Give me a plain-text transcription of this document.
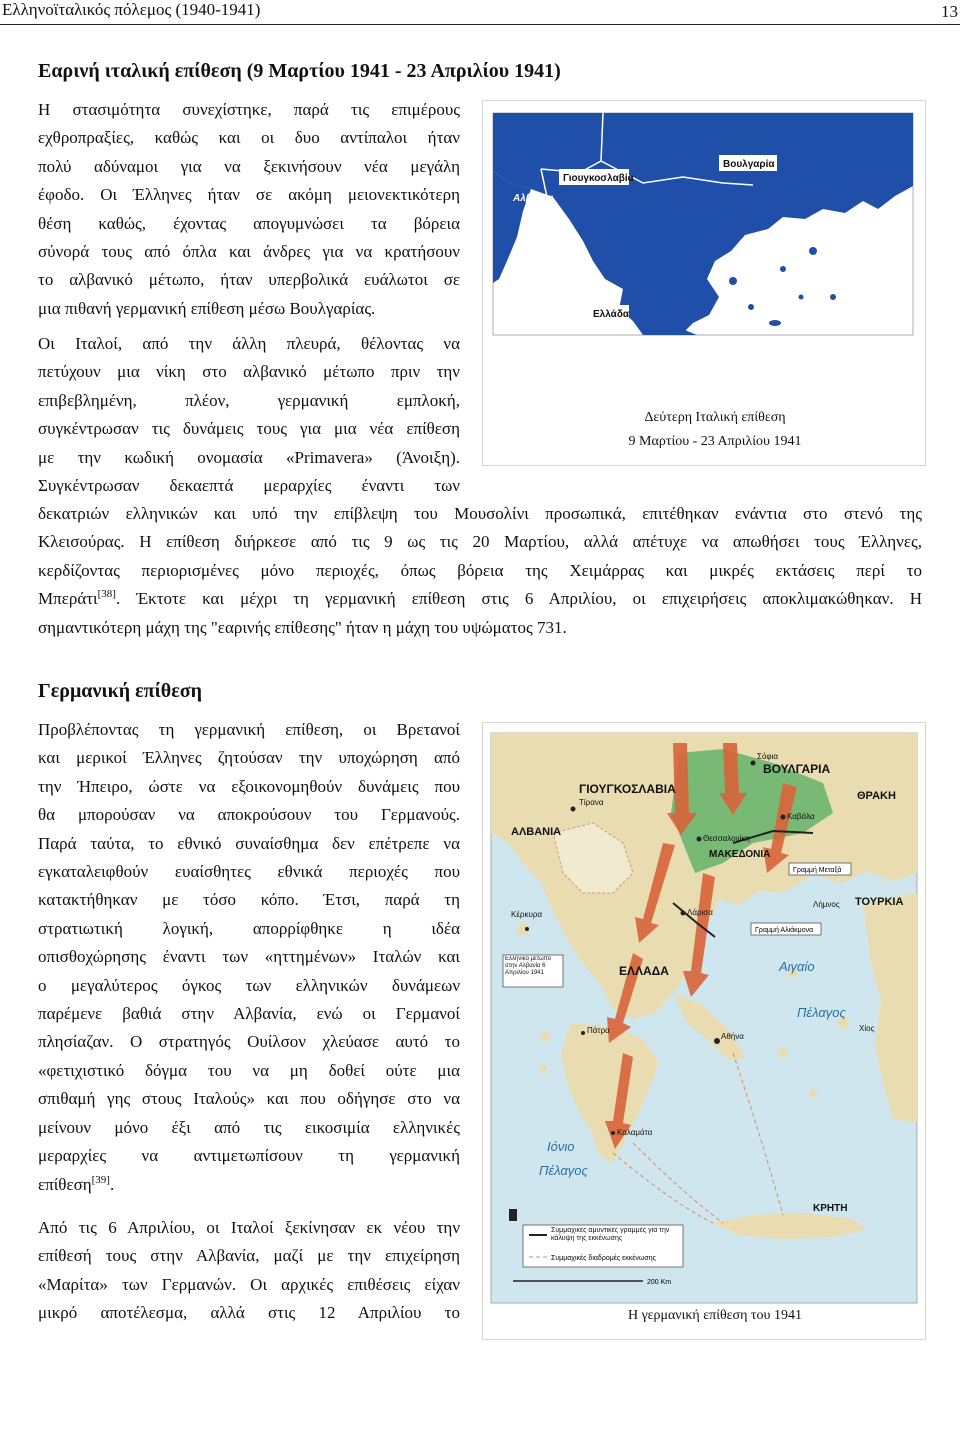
Ελληνοϊταλικός πόλεμος (1940-1941)	13
Εαρινή ιταλική επίθεση (9 Μαρτίου 1941 - 23 Απριλίου 1941)
Η στασιμότητα συνεχίστηκε, παρά τις επιμέρους
εχθροπραξίες, καθώς και οι δυο αντίπαλοι ήταν
πολύ αδύναμοι για να ξεκινήσουν νέα μεγάλη
έφοδο. Οι Έλληνες ήταν σε ακόμη μειονεκτικότερη
θέση καθώς, έχοντας απογυμνώσει τα βόρεια
σύνορά τους από όπλα και άνδρες για να κρατήσουν
το αλβανικό μέτωπο, ήταν υπερβολικά ευάλωτοι σε
μια πιθανή γερμανική επίθεση μέσω Βουλγαρίας.
Οι Ιταλοί, από την άλλη πλευρά, θέλοντας να
πετύχουν μια νίκη στο αλβανικό μέτωπο πριν την
επιβεβλημένη, πλέον, γερμανική εμπλοκή,
συγκέντρωσαν τις δυνάμεις τους για μια νέα επίθεση
με την κωδική ονομασία «Primavera» (Άνοιξη).
Συγκέντρωσαν δεκαεπτά μεραρχίες έναντι των
δεκατριών ελληνικών και υπό την επίβλεψη του Μουσολίνι προσωπικά, επιτέθηκαν ενάντια στο στενό της
Κλεισούρας. Η επίθεση διήρκεσε από τις 9 ως τις 20 Μαρτίου, αλλά απέτυχε να απωθήσει τους Έλληνες,
κερδίζοντας περιορισμένες μόνο περιοχές, όπως βόρεια της Χειμάρρας και μικρές εκτάσεις περί το
Μπεράτι[38]. Έκτοτε και μέχρι τη γερμανική επίθεση στις 6 Απριλίου, οι επιχειρήσεις αποκλιμακώθηκαν. Η
σημαντικότερη μάχη της "εαρινής επίθεσης" ήταν η μάχη του υψώματος 731.
Γιουγκοσλαβία
Βουλγαρία
Αλβανία
Ελλάδα
Δεύτερη Ιταλική επίθεση
9 Μαρτίου - 23 Απριλίου 1941
Γερμανική επίθεση
Προβλέποντας τη γερμανική επίθεση, οι Βρετανοί
και μερικοί Έλληνες ζητούσαν την υποχώρηση από
την Ήπειρο, ώστε να εξοικονομηθούν δυνάμεις που
θα μπορούσαν να αποκρούσουν του Γερμανούς.
Παρά ταύτα, το εθνικό συναίσθημα δεν επέτρεπε να
εγκαταλειφθούν ευαίσθητες εθνικά περιοχές που
κατακτήθηκαν με τόσο κόπο. Έτσι, παρά τη
στρατιωτική λογική, απορρίφθηκε η ιδέα
οπισθοχώρησης έναντι των «ηττημένων» Ιταλών και
ο μεγαλύτερος όγκος των ελληνικών δυνάμεων
παρέμενε βαθιά στην Αλβανία, ενώ οι Γερμανοί
πλησίαζαν. Ο στρατηγός Ουίλσον χλεύασε αυτό το
«φετιχιστικό δόγμα του να μη δοθεί ούτε μια
σπιθαμή γης στους Ιταλούς» και που οδήγησε στο να
μείνουν μόνο έξι από τις εικοσιμία ελληνικές
μεραρχίες να αντιμετωπίσουν τη γερμανική
επίθεση[39].
Από τις 6 Απριλίου, οι Ιταλοί ξεκίνησαν εκ νέου την
επίθεσή τους στην Αλβανία, μαζί με την επιχείρηση
«Μαρίτα» των Γερμανών. Οι αρχικές επιθέσεις είχαν
μικρό αποτέλεσμα, αλλά στις 12 Απριλίου το
ΓΙΟΥΓΚΟΣΛΑΒΙΑ
ΒΟΥΛΓΑΡΙΑ
ΑΛΒΑΝΙΑ
ΕΛΛΑΔΑ
ΘΡΑΚΗ
ΜΑΚΕΔΟΝΙΑ
ΤΟΥΡΚΙΑ
ΚΡΗΤΗ
Αιγαίο
Πέλαγος
Ιόνιο
Πέλαγος
Τίρανα
Σόφια
Αθήνα
Θεσσαλονίκη
Καβάλα
Λάρισα
Κέρκυρα
Πάτρα
Καλαμάτα
Χίος
Λήμνος
Γραμμή Μεταξά
Γραμμή Αλιάκμονα
Ελληνικό μέτωπο στην Αλβανία 6 Απριλίου 1941
Συμμαχικές αμυντικές γραμμές για την κάλυψη της εκκένωσης
Συμμαχικές διαδρομές εκκένωσης
200 Km
Η γερμανική επίθεση του 1941
